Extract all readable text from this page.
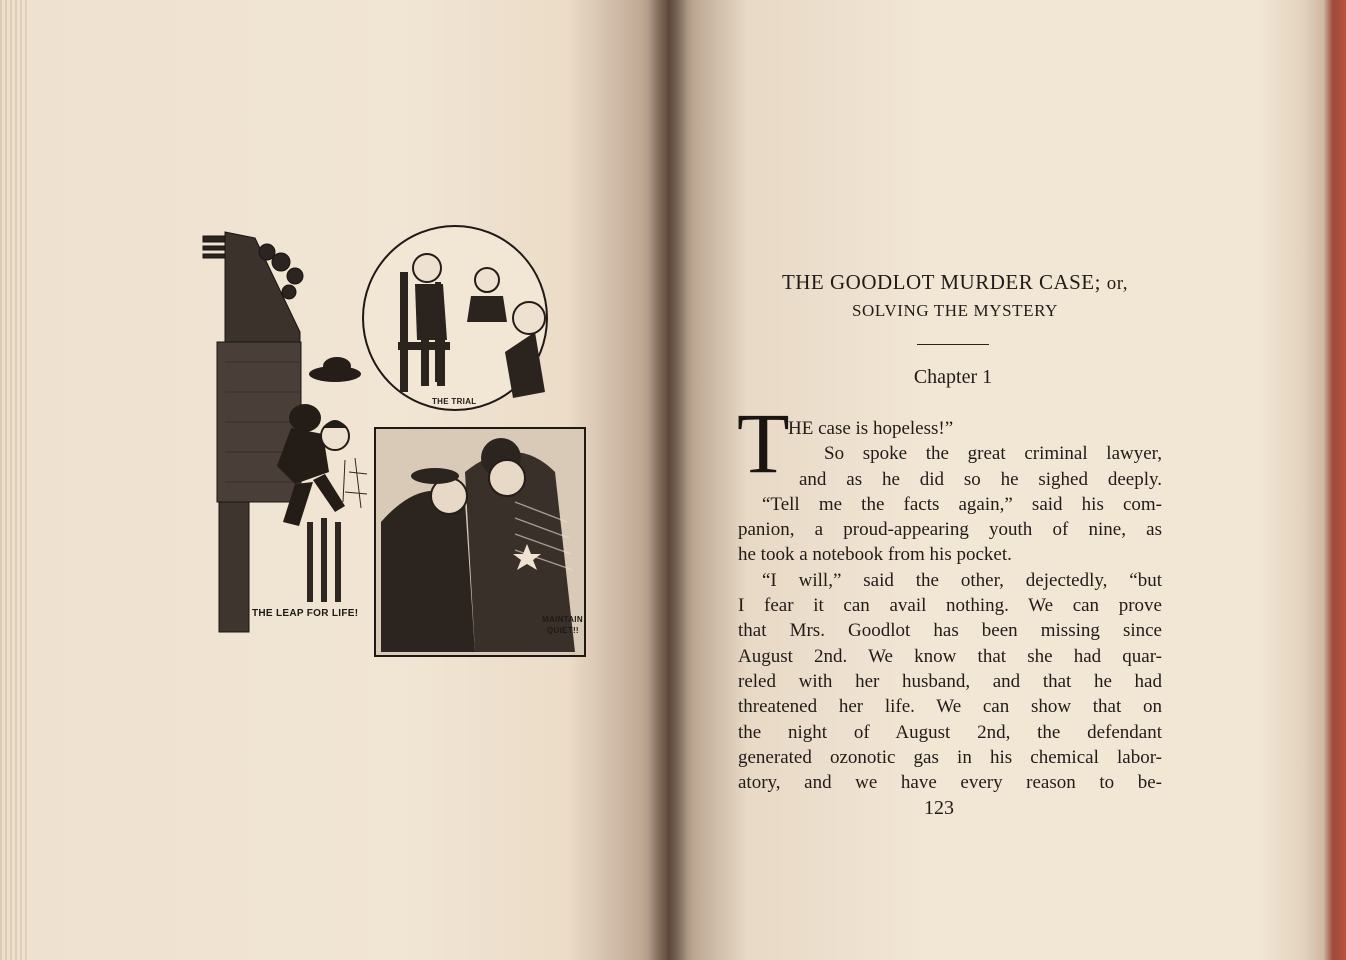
THE TRIAL
THE LEAP FOR LIFE!
MAINTAIN
QUIET!!
THE GOODLOT MURDER CASE; or,
SOLVING THE MYSTERY
Chapter 1
T
HE case is hopeless!”
So spoke the great criminal lawyer,
and as he did so he sighed deeply.
“Tell me the facts again,” said his com-
panion, a proud-appearing youth of nine, as
he took a notebook from his pocket.
“I will,” said the other, dejectedly, “but
I fear it can avail nothing. We can prove
that Mrs. Goodlot has been missing since
August 2nd. We know that she had quar-
reled with her husband, and that he had
threatened her life. We can show that on
the night of August 2nd, the defendant
generated ozonotic gas in his chemical labor-
atory, and we have every reason to be-
123
